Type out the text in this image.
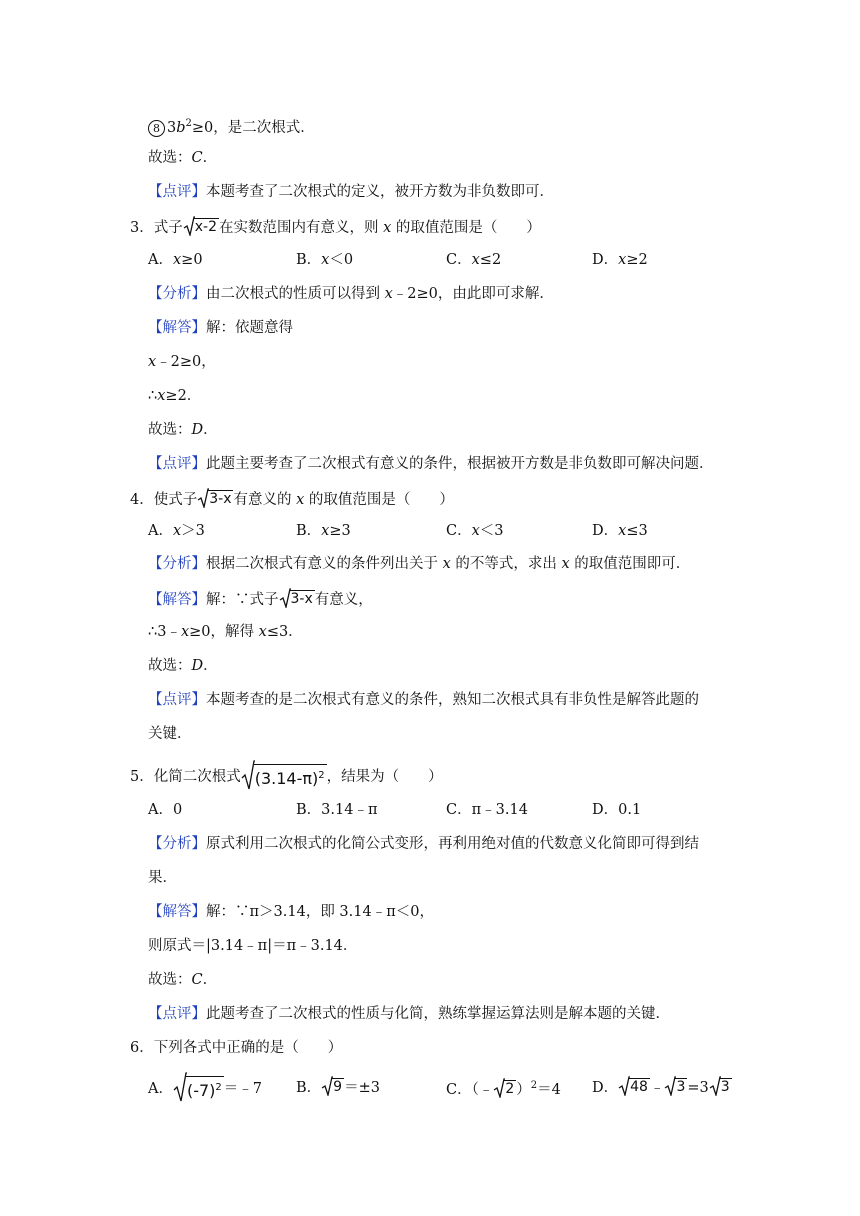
8 $3b^2\ge 0$，是二次根式．
故选：C．
【点评】本题考查了二次根式的定义，被开方数为非负数即可．
3．式子 x-2 在实数范围内有意义，则 x 的取值范围是（　　）
A．x≥0	B．x＜0	C．x≤2	D．x≥2
【分析】由二次根式的性质可以得到 x﹣2≥0，由此即可求解．
【解答】解：依题意得
x﹣2≥0，
∴x≥2．
故选：D．
【点评】此题主要考查了二次根式有意义的条件，根据被开方数是非负数即可解决问题．
4．使式子 3-x 有意义的 x 的取值范围是（　　）
A．x＞3	B．x≥3	C．x＜3	D．x≤3
【分析】根据二次根式有意义的条件列出关于 x 的不等式，求出 x 的取值范围即可．
【解答】解：∵式子 3-x 有意义，
∴3﹣x≥0，解得 x≤3．
故选：D．
【点评】本题考查的是二次根式有意义的条件，熟知二次根式具有非负性是解答此题的
关键．
5．化简二次根式 $(3.14-\pi)^2$ ，结果为（　　）
A．0	B．3.14﹣π	C．π﹣3.14	D．0.1
【分析】原式利用二次根式的化简公式变形，再利用绝对值的代数意义化简即可得到结
果．
【解答】解：∵π＞3.14，即 3.14﹣π＜0，
则原式＝|3.14﹣π|＝π﹣3.14．
故选：C．
【点评】此题考查了二次根式的性质与化简，熟练掌握运算法则是解本题的关键．
6．下列各式中正确的是（　　）
A． $(-7)^2$ ＝﹣7 B． 9 ＝±3	C．（﹣ 2 ）$^2$＝4 D． 48 ﹣ 3 =3 3
